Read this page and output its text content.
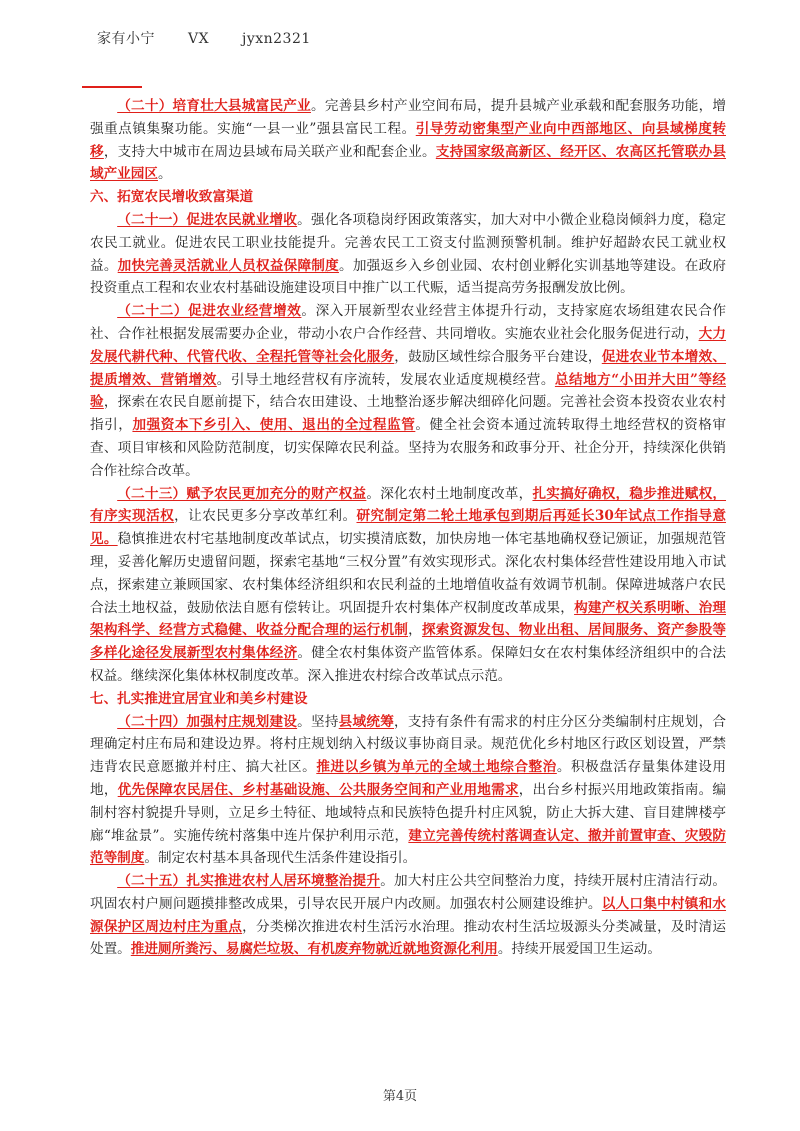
家有小宁 VX jyxn2321

（二十）培育壮大县城富民产业。完善县乡村产业空间布局，提升县城产业承载和配套服务功能，增强重点镇集聚功能。实施“一县一业”强县富民工程。引导劳动密集型产业向中西部地区、向县域梯度转移，支持大中城市在周边县域布局关联产业和配套企业。支持国家级高新区、经开区、农高区托管联办县域产业园区。

六、拓宽农民增收致富渠道

（二十一）促进农民就业增收。强化各项稳岗纾困政策落实，加大对中小微企业稳岗倾斜力度，稳定农民工就业。促进农民工职业技能提升。完善农民工工资支付监测预警机制。维护好超龄农民工就业权益。加快完善灵活就业人员权益保障制度。加强返乡入乡创业园、农村创业孵化实训基地等建设。在政府投资重点工程和农业农村基础设施建设项目中推广以工代赈，适当提高劳务报酬发放比例。

（二十二）促进农业经营增效。深入开展新型农业经营主体提升行动，支持家庭农场组建农民合作社、合作社根据发展需要办企业，带动小农户合作经营、共同增收。实施农业社会化服务促进行动，大力发展代耕代种、代管代收、全程托管等社会化服务，鼓励区域性综合服务平台建设，促进农业节本增效、提质增效、营销增效。引导土地经营权有序流转，发展农业适度规模经营。总结地方“小田并大田”等经验，探索在农民自愿前提下，结合农田建设、土地整治逐步解决细碎化问题。完善社会资本投资农业农村指引，加强资本下乡引入、使用、退出的全过程监管。健全社会资本通过流转取得土地经营权的资格审查、项目审核和风险防范制度，切实保障农民利益。坚持为农服务和政事分开、社企分开，持续深化供销合作社综合改革。

（二十三）赋予农民更加充分的财产权益。深化农村土地制度改革，扎实搞好确权，稳步推进赋权，有序实现活权，让农民更多分享改革红利。研究制定第二轮土地承包到期后再延长30年试点工作指导意见。稳慎推进农村宅基地制度改革试点，切实摸清底数，加快房地一体宅基地确权登记颁证，加强规范管理，妥善化解历史遗留问题，探索宅基地“三权分置”有效实现形式。深化农村集体经营性建设用地入市试点，探索建立兼顾国家、农村集体经济组织和农民利益的土地增值收益有效调节机制。保障进城落户农民合法土地权益，鼓励依法自愿有偿转让。巩固提升农村集体产权制度改革成果，构建产权关系明晰、治理架构科学、经营方式稳健、收益分配合理的运行机制，探索资源发包、物业出租、居间服务、资产参股等多样化途径发展新型农村集体经济。健全农村集体资产监管体系。保障妇女在农村集体经济组织中的合法权益。继续深化集体林权制度改革。深入推进农村综合改革试点示范。

七、扎实推进宜居宜业和美乡村建设

（二十四）加强村庄规划建设。坚持县域统筹，支持有条件有需求的村庄分区分类编制村庄规划，合理确定村庄布局和建设边界。将村庄规划纳入村级议事协商目录。规范优化乡村地区行政区划设置，严禁违背农民意愿撤并村庄、搞大社区。推进以乡镇为单元的全域土地综合整治。积极盘活存量集体建设用地，优先保障农民居住、乡村基础设施、公共服务空间和产业用地需求，出台乡村振兴用地政策指南。编制村容村貌提升导则，立足乡土特征、地域特点和民族特色提升村庄风貌，防止大拆大建、盲目建牌楼亭廊“堆盆景”。实施传统村落集中连片保护利用示范，建立完善传统村落调查认定、撤并前置审查、灾毁防范等制度。制定农村基本具备现代生活条件建设指引。

（二十五）扎实推进农村人居环境整治提升。加大村庄公共空间整治力度，持续开展村庄清洁行动。巩固农村户厕问题摸排整改成果，引导农民开展户内改厕。加强农村公厕建设维护。以人口集中村镇和水源保护区周边村庄为重点，分类梯次推进农村生活污水治理。推动农村生活垃圾源头分类减量，及时清运处置。推进厕所粪污、易腐烂垃圾、有机废弃物就近就地资源化利用。持续开展爱国卫生运动。

第4页
